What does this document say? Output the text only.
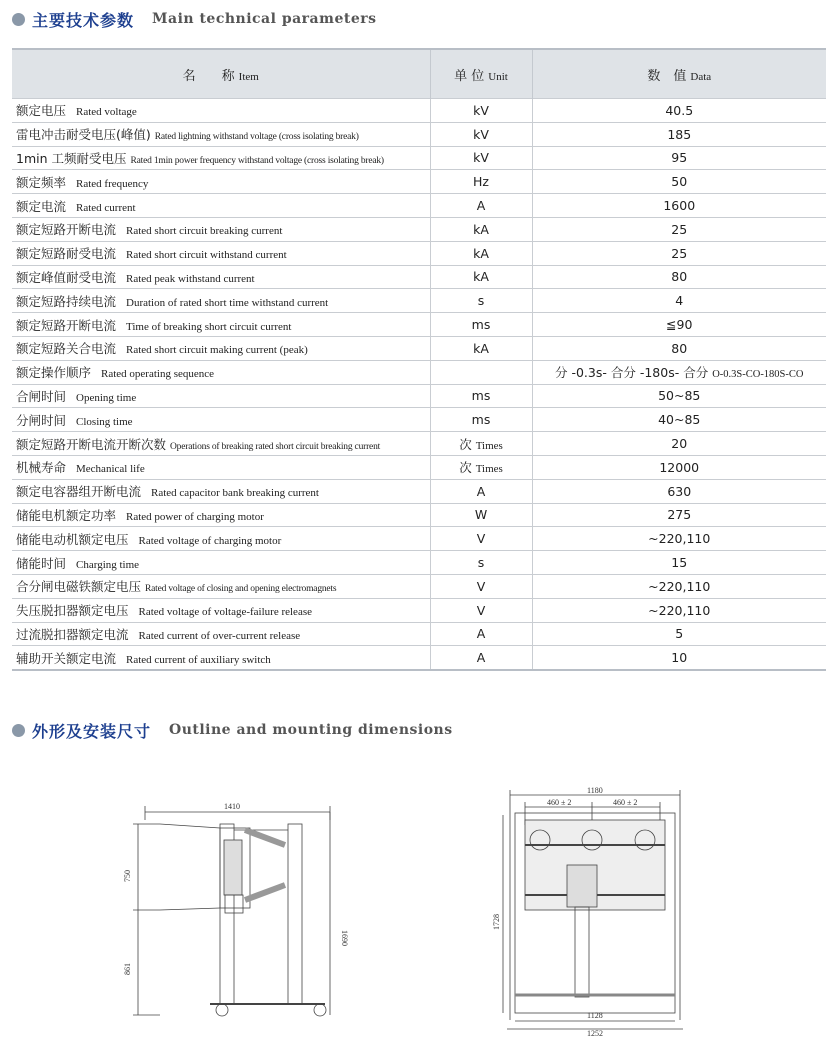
主要技术参数 Main technical parameters
名　　称 Item	单 位 Unit	数　值 Data
额定电压 Rated voltage	kV	40.5
雷电冲击耐受电压(峰值) Rated lightning withstand voltage (cross isolating break)	kV	185
1min 工频耐受电压 Rated 1min power frequency withstand voltage (cross isolating break)	kV	95
额定频率 Rated frequency	Hz	50
额定电流 Rated current	A	1600
额定短路开断电流 Rated short circuit breaking current	kA	25
额定短路耐受电流 Rated short circuit withstand current	kA	25
额定峰值耐受电流 Rated peak withstand current	kA	80
额定短路持续电流 Duration of rated short time withstand current	s	4
额定短路开断电流 Time of breaking short circuit current	ms	≦90
额定短路关合电流 Rated short circuit making current (peak)	kA	80
额定操作顺序 Rated operating sequence		分 -0.3s- 合分 -180s- 合分 O-0.3S-CO-180S-CO
合闸时间 Opening time	ms	50~85
分闸时间 Closing time	ms	40~85
额定短路开断电流开断次数 Operations of breaking rated short circuit breaking current	次 Times	20
机械寿命 Mechanical life	次 Times	12000
额定电容器组开断电流 Rated capacitor bank breaking current	A	630
储能电机额定功率 Rated power of charging motor	W	275
储能电动机额定电压 Rated voltage of charging motor	V	~220,110
储能时间 Charging time	s	15
合分闸电磁铁额定电压 Rated voltage of closing and opening electromagnets	V	~220,110
失压脱扣器额定电压 Rated voltage of voltage-failure release	V	~220,110
过流脱扣器额定电流 Rated current of over-current release	A	5
辅助开关额定电流 Rated current of auxiliary switch	A	10
外形及安装尺寸 Outline and mounting dimensions
1410
750
861
1690
1180
460 ± 2	460 ± 2
1728
1128
1252
